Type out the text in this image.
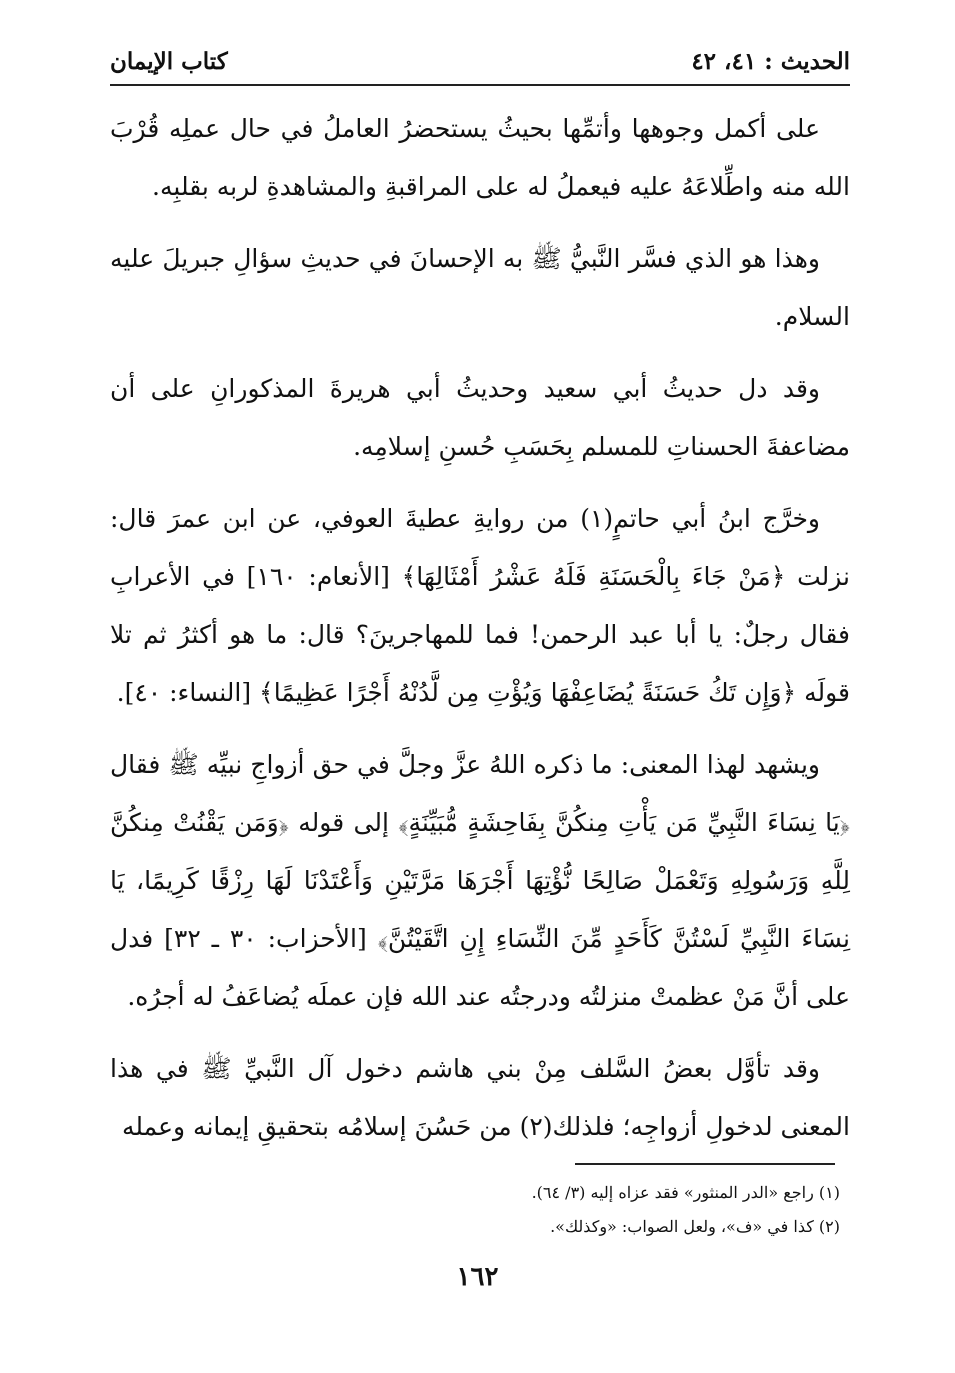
الحديث : ٤١، ٤٢
كتاب الإيمان

على أكمل وجوهها وأتمِّها بحيثُ يستحضرُ العاملُ في حال عملِه قُرْبَ الله منه واطِّلاعَهُ عليه فيعملُ له على المراقبةِ والمشاهدةِ لربه بقلبِه.

وهذا هو الذي فسَّر النَّبيُّ ﷺ به الإحسانَ في حديثِ سؤالِ جبريلَ عليه السلام.

وقد دل حديثُ أبي سعيد وحديثُ أبي هريرةَ المذكورانِ على أن مضاعفةَ الحسناتِ للمسلم بِحَسَبِ حُسنِ إسلامِه.

وخرَّج ابنُ أبي حاتمٍ(١) من روايةِ عطيةَ العوفي، عن ابن عمرَ قال: نزلت ﴿مَنْ جَاءَ بِالْحَسَنَةِ فَلَهُ عَشْرُ أَمْثَالِهَا﴾ [الأنعام: ١٦٠] في الأعرابِ فقال رجلٌ: يا أبا عبد الرحمن! فما للمهاجرينَ؟ قال: ما هو أكثرُ ثم تلا قولَه ﴿وَإِن تَكُ حَسَنَةً يُضَاعِفْهَا وَيُؤْتِ مِن لَّدُنْهُ أَجْرًا عَظِيمًا﴾ [النساء: ٤٠].

ويشهد لهذا المعنى: ما ذكره اللهُ عزَّ وجلَّ في حق أزواجِ نبيِّه ﷺ فقال ﴿يَا نِسَاءَ النَّبِيِّ مَن يَأْتِ مِنكُنَّ بِفَاحِشَةٍ مُّبَيِّنَةٍ﴾ إلى قوله ﴿وَمَن يَقْنُتْ مِنكُنَّ لِلَّهِ وَرَسُولِهِ وَتَعْمَلْ صَالِحًا نُّؤْتِهَا أَجْرَهَا مَرَّتَيْنِ وَأَعْتَدْنَا لَهَا رِزْقًا كَرِيمًا، يَا نِسَاءَ النَّبِيِّ لَسْتُنَّ كَأَحَدٍ مِّنَ النِّسَاءِ إِنِ اتَّقَيْتُنَّ﴾ [الأحزاب: ٣٠ ـ ٣٢] فدل على أنَّ مَنْ عظمتْ منزلتُه ودرجتُه عند الله فإن عملَه يُضاعَفُ له أجرُه.

وقد تأوَّل بعضُ السَّلف مِنْ بني هاشم دخول آل النَّبيِّ ﷺ في هذا المعنى لدخولِ أزواجِه؛ فلذلك(٢) من حَسُنَ إسلامُه بتحقيقِ إيمانه وعمله

(١) راجع «الدر المنثور» فقد عزاه إليه (٣/ ٦٤).

(٢) كذا في «ف»، ولعل الصواب: «وكذلك».

١٦٢
